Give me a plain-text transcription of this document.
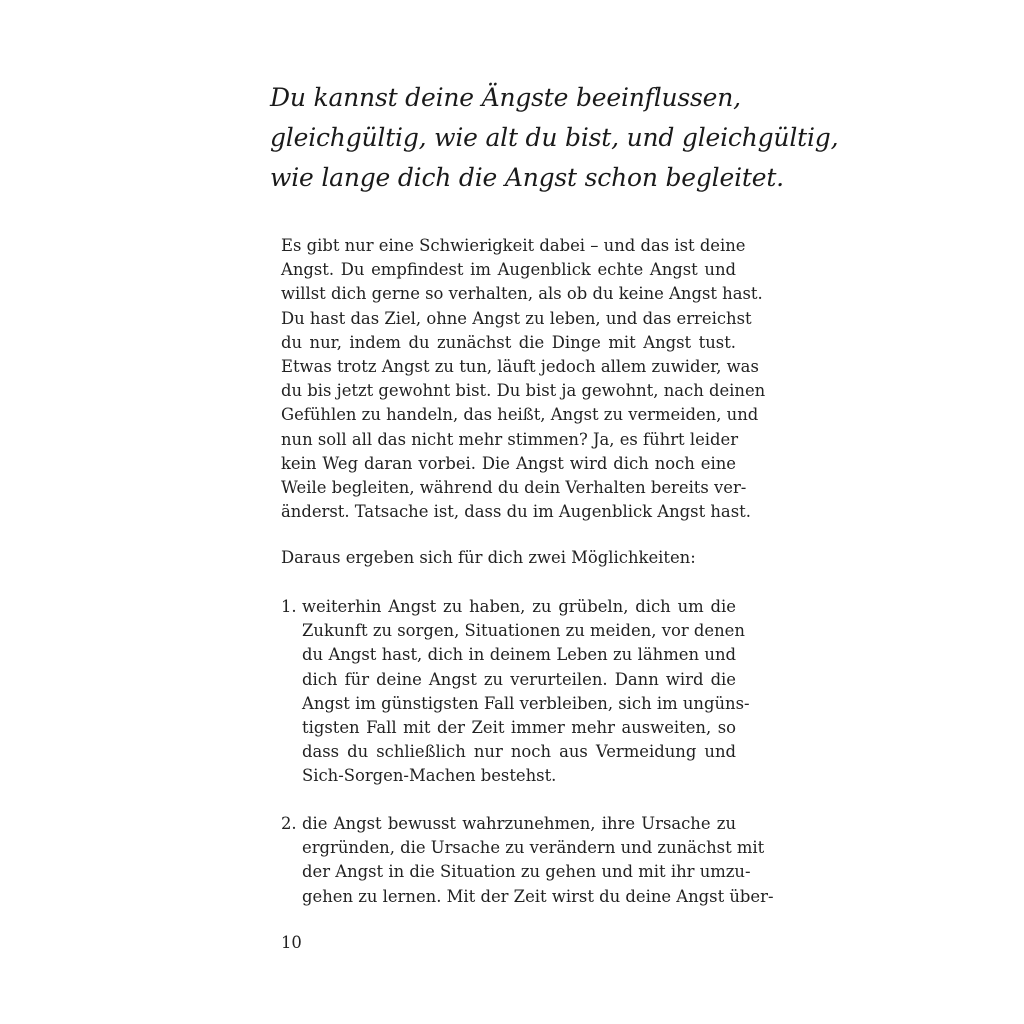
Du kannst deine Ängste beeinflussen,
gleichgültig, wie alt du bist, und gleichgültig,
wie lange dich die Angst schon begleitet.
Es gibt nur eine Schwierigkeit dabei – und das ist deine
Angst. Du empfindest im Augenblick echte Angst und
willst dich gerne so verhalten, als ob du keine Angst hast.
Du hast das Ziel, ohne Angst zu leben, und das erreichst
du nur, indem du zunächst die Dinge mit Angst tust.
Etwas trotz Angst zu tun, läuft jedoch allem zuwider, was
du bis jetzt gewohnt bist. Du bist ja gewohnt, nach deinen
Gefühlen zu handeln, das heißt, Angst zu vermeiden, und
nun soll all das nicht mehr stimmen? Ja, es führt leider
kein Weg daran vorbei. Die Angst wird dich noch eine
Weile begleiten, während du dein Verhalten bereits ver-
änderst. Tatsache ist, dass du im Augenblick Angst hast.

Daraus ergeben sich für dich zwei Möglichkeiten:

1. weiterhin Angst zu haben, zu grübeln, dich um die
Zukunft zu sorgen, Situationen zu meiden, vor denen
du Angst hast, dich in deinem Leben zu lähmen und
dich für deine Angst zu verurteilen. Dann wird die
Angst im günstigsten Fall verbleiben, sich im ungüns-
tigsten Fall mit der Zeit immer mehr ausweiten, so
dass du schließlich nur noch aus Vermeidung und
Sich-Sorgen-Machen bestehst.
2. die Angst bewusst wahrzunehmen, ihre Ursache zu
ergründen, die Ursache zu verändern und zunächst mit
der Angst in die Situation zu gehen und mit ihr umzu-
gehen zu lernen. Mit der Zeit wirst du deine Angst über-
10
